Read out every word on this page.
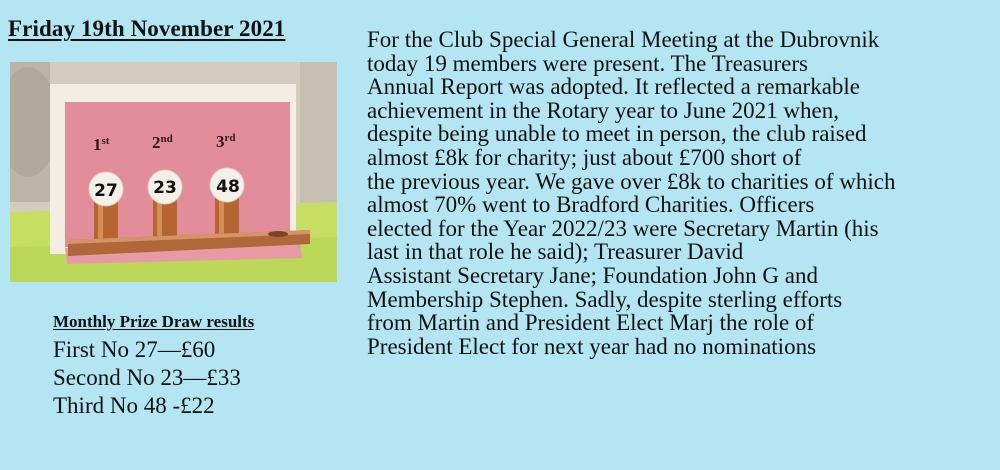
Friday 19th November 2021
1st	2nd	3rd
27 23 48

Monthly Prize Draw results

First No 27—£60
Second No 23—£33
Third No 48 -£22

For the Club Special General Meeting at the Dubrovnik
today 19 members were present. The Treasurers
Annual Report was adopted. It reflected a remarkable
achievement in the Rotary year to June 2021 when,
despite being unable to meet in person, the club raised
almost £8k for charity; just about £700 short of
the previous year. We gave over £8k to charities of which
almost 70% went to Bradford Charities. Officers
elected for the Year 2022/23 were Secretary Martin (his
last in that role he said); Treasurer David
Assistant Secretary Jane; Foundation John G and
Membership Stephen. Sadly, despite sterling efforts
from Martin and President Elect Marj the role of
President Elect for next year had no nominations
